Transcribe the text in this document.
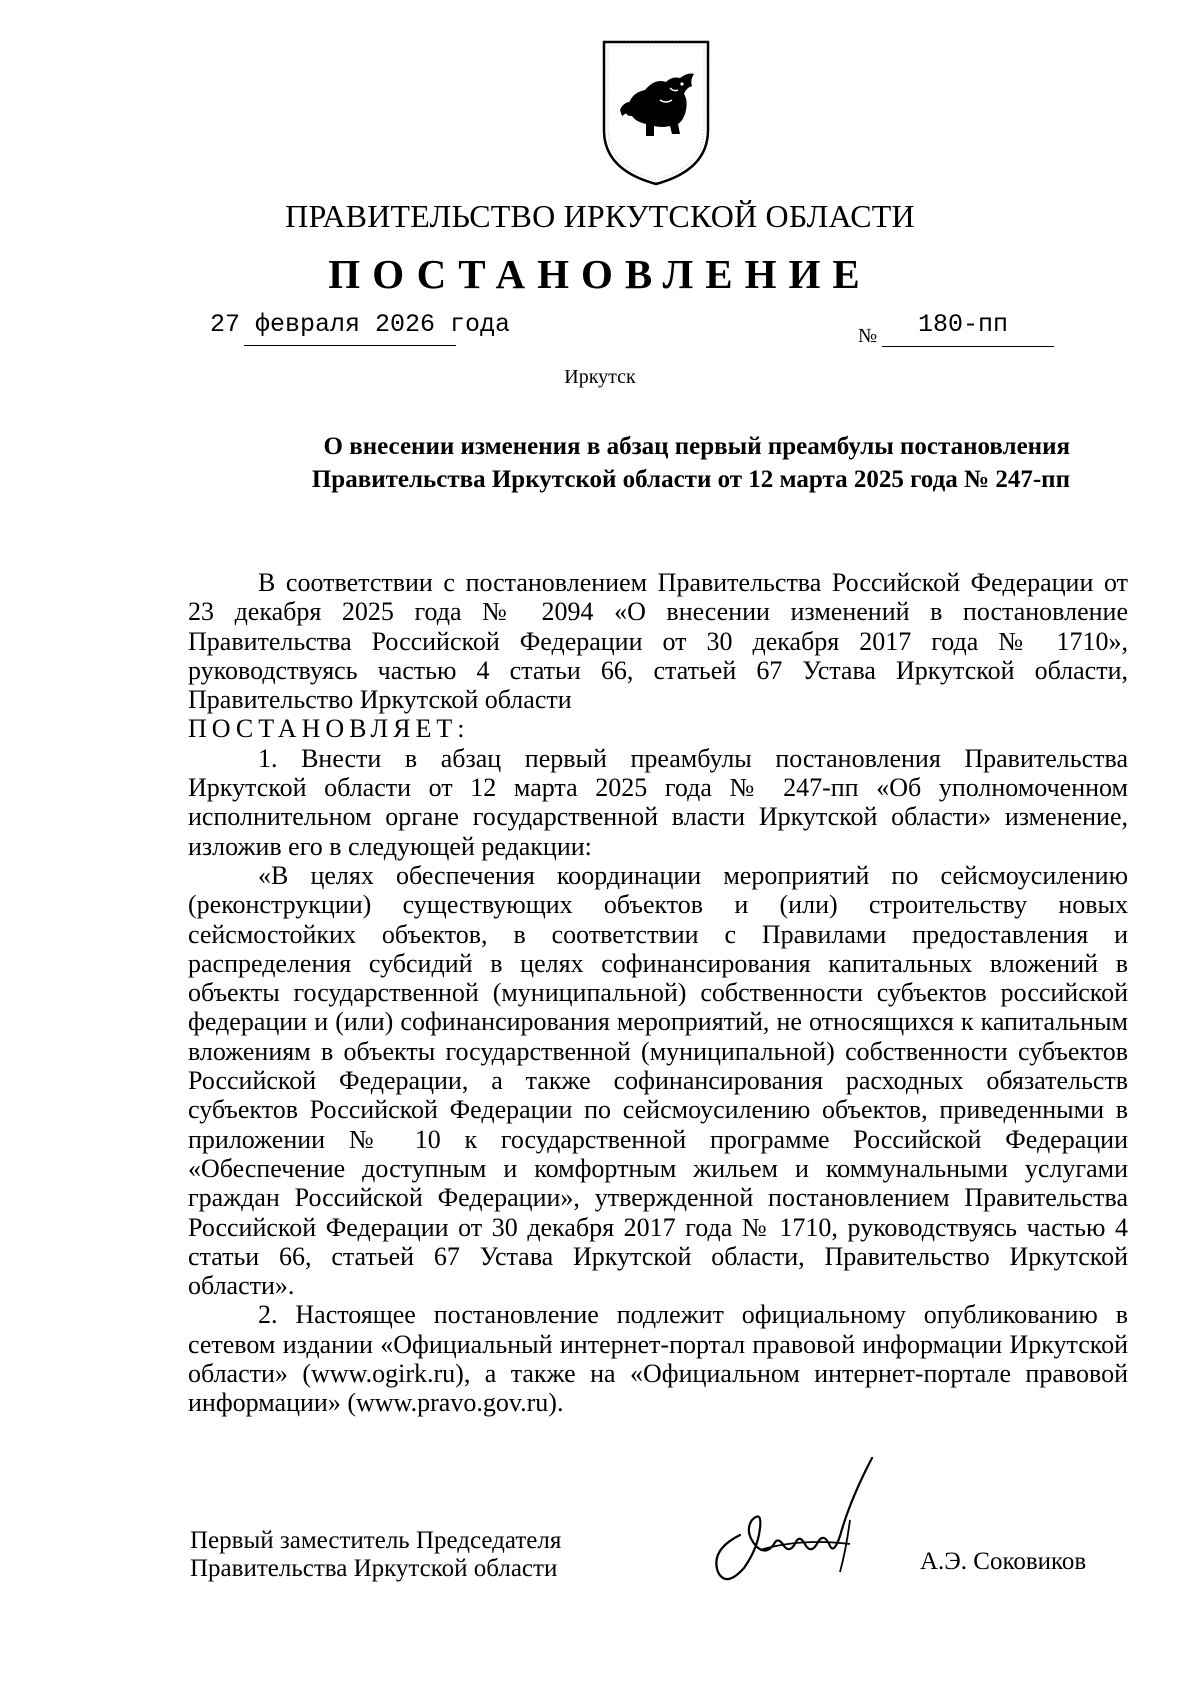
ПРАВИТЕЛЬСТВО ИРКУТСКОЙ ОБЛАСТИ
ПОСТАНОВЛЕНИЕ
27 февраля 2026 года	№ 180-пп
Иркутск
О внесении изменения в абзац первый преамбулы постановления
Правительства Иркутской области от 12 марта 2025 года № 247-пп

В соответствии с постановлением Правительства Российской Федерации от 23 декабря 2025 года № 2094 «О внесении изменений в постановление Правительства Российской Федерации от 30 декабря 2017 года № 1710», руководствуясь частью 4 статьи 66, статьей 67 Устава Иркутской области, Правительство Иркутской области

ПОСТАНОВЛЯЕТ:

1. Внести в абзац первый преамбулы постановления Правительства Иркутской области от 12 марта 2025 года № 247-пп «Об уполномоченном исполнительном органе государственной власти Иркутской области» изменение, изложив его в следующей редакции:

«В целях обеспечения координации мероприятий по сейсмоусилению (реконструкции) существующих объектов и (или) строительству новых сейсмостойких объектов, в соответствии с Правилами предоставления и распределения субсидий в целях софинансирования капитальных вложений в объекты государственной (муниципальной) собственности субъектов российской федерации и (или) софинансирования мероприятий, не относящихся к капитальным вложениям в объекты государственной (муниципальной) собственности субъектов Российской Федерации, а также софинансирования расходных обязательств субъектов Российской Федерации по сейсмоусилению объектов, приведенными в приложении № 10 к государственной программе Российской Федерации «Обеспечение доступным и комфортным жильем и коммунальными услугами граждан Российской Федерации», утвержденной постановлением Правительства Российской Федерации от 30 декабря 2017 года № 1710, руководствуясь частью 4 статьи 66, статьей 67 Устава Иркутской области, Правительство Иркутской области».

2. Настоящее постановление подлежит официальному опубликованию в сетевом издании «Официальный интернет-портал правовой информации Иркутской области» (www.ogirk.ru), а также на «Официальном интернет-портале правовой информации» (www.pravo.gov.ru).

Первый заместитель Председателя
Правительства Иркутской области	А.Э. Соковиков
